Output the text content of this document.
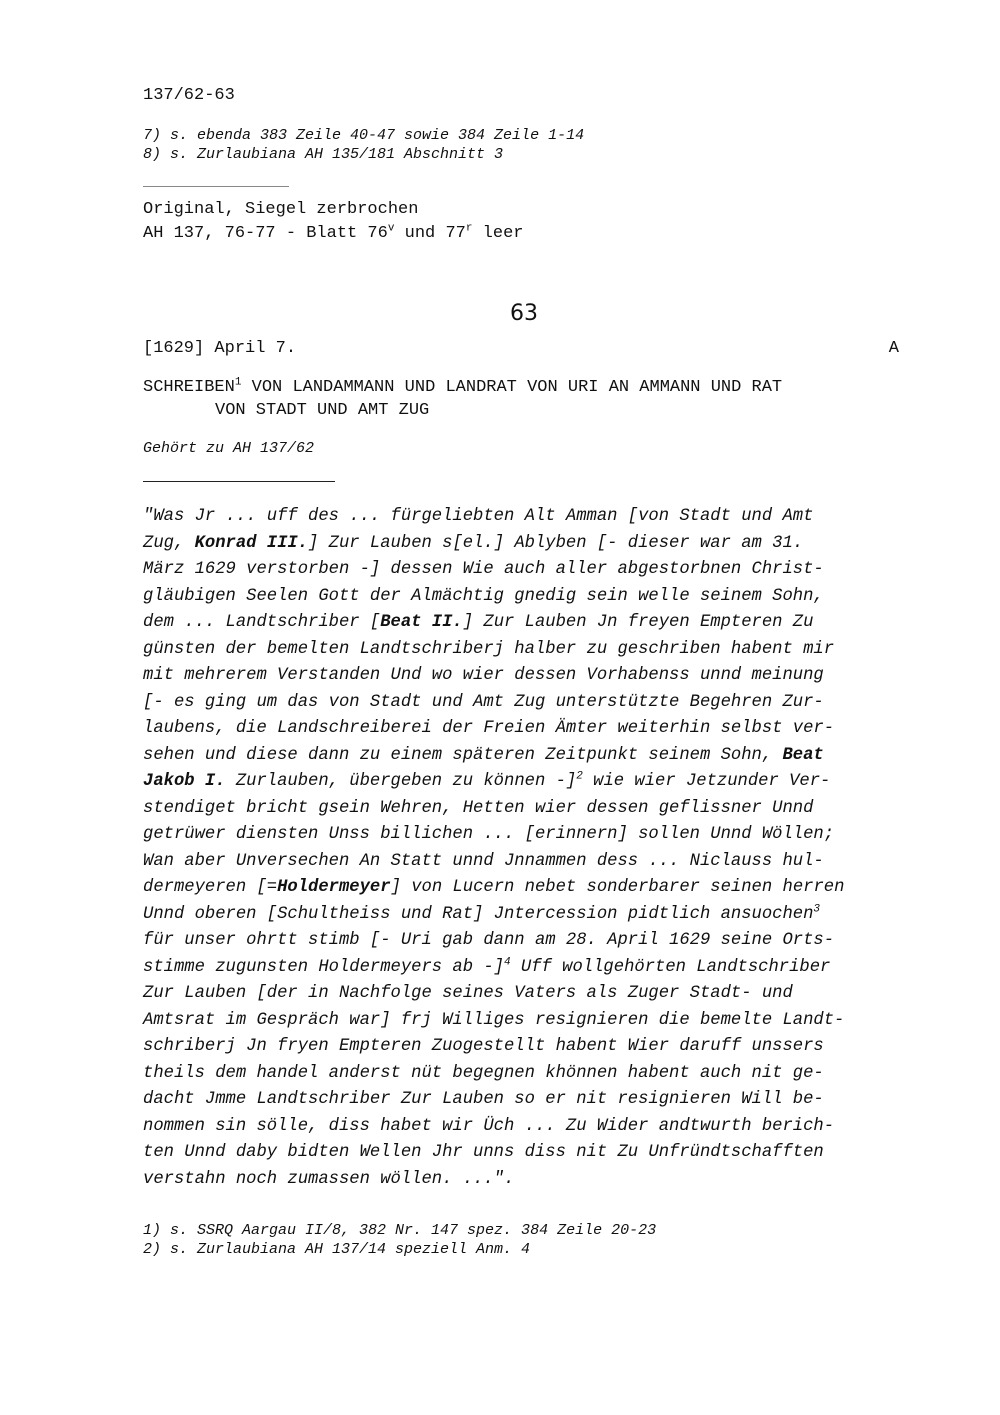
137/62-63
7) s. ebenda 383 Zeile 40-47 sowie 384 Zeile 1-14
8) s. Zurlaubiana AH 135/181 Abschnitt 3
Original, Siegel zerbrochen
AH 137, 76-77 - Blatt 76$^v$ und 77$^r$ leer
63
[1629] April 7.	A
SCHREIBEN$^1$ VON LANDAMMANN UND LANDRAT VON URI AN AMMANN UND RAT
VON STADT UND AMT ZUG
Gehört zu AH 137/62
"Was Jr ... uff des ... fürgeliebten Alt Amman [von Stadt und Amt
Zug, Konrad III.] Zur Lauben s[el.] Ablyben [- dieser war am 31.
März 1629 verstorben -] dessen Wie auch aller abgestorbnen Christ-
gläubigen Seelen Gott der Almächtig gnedig sein welle seinem Sohn,
dem ... Landtschriber [Beat II.] Zur Lauben Jn freyen Empteren Zu
günsten der bemelten Landtschriberj halber zu geschriben habent mir
mit mehrerem Verstanden Und wo wier dessen Vorhabenss unnd meinung
[- es ging um das von Stadt und Amt Zug unterstützte Begehren Zur-
laubens, die Landschreiberei der Freien Ämter weiterhin selbst ver-
sehen und diese dann zu einem späteren Zeitpunkt seinem Sohn, Beat
Jakob I. Zurlauben, übergeben zu können -]$^2$ wie wier Jetzunder Ver-
stendiget bricht gsein Wehren, Hetten wier dessen geflissner Unnd
getrüwer diensten Unss billichen ... [erinnern] sollen Unnd Wöllen;
Wan aber Unversechen An Statt unnd Jnnammen dess ... Niclauss hul-
dermeyeren [=Holdermeyer] von Lucern nebet sonderbarer seinen herren
Unnd oberen [Schultheiss und Rat] Jntercession pidtlich ansuochen$^3$
für unser ohrtt stimb [- Uri gab dann am 28. April 1629 seine Orts-
stimme zugunsten Holdermeyers ab -]$^4$ Uff wollgehörten Landtschriber
Zur Lauben [der in Nachfolge seines Vaters als Zuger Stadt- und
Amtsrat im Gespräch war] frj Williges resignieren die bemelte Landt-
schriberj Jn fryen Empteren Zuogestellt habent Wier daruff unssers
theils dem handel anderst nüt begegnen khönnen habent auch nit ge-
dacht Jmme Landtschriber Zur Lauben so er nit resignieren Will be-
nommen sin sölle, diss habet wir Üch ... Zu Wider andtwurth berich-
ten Unnd daby bidten Wellen Jhr unns diss nit Zu Unfründtschafften
verstahn noch zumassen wöllen. ...".
1) s. SSRQ Aargau II/8, 382 Nr. 147 spez. 384 Zeile 20-23
2) s. Zurlaubiana AH 137/14 speziell Anm. 4
